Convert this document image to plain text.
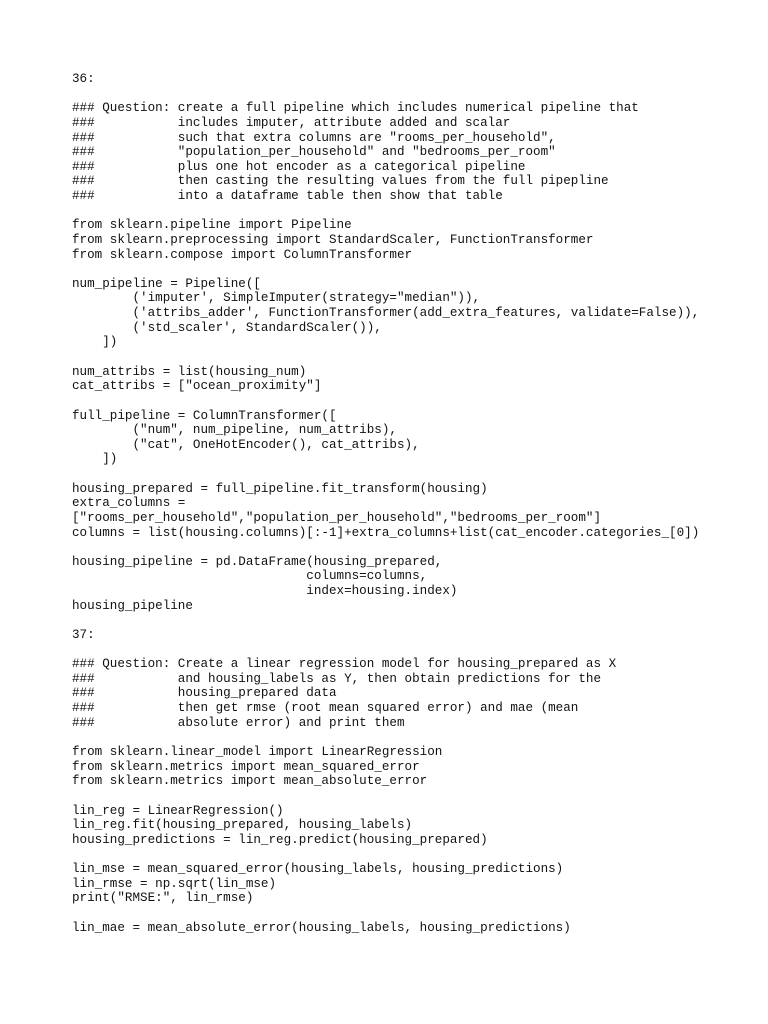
36:
### Question: create a full pipeline which includes numerical pipeline that
###           includes imputer, attribute added and scalar
###           such that extra columns are "rooms_per_household",
###           "population_per_household" and "bedrooms_per_room"
###           plus one hot encoder as a categorical pipeline
###           then casting the resulting values from the full pipepline
###           into a dataframe table then show that table
from sklearn.pipeline import Pipeline
from sklearn.preprocessing import StandardScaler, FunctionTransformer
from sklearn.compose import ColumnTransformer
num_pipeline = Pipeline([
('imputer', SimpleImputer(strategy="median")),
('attribs_adder', FunctionTransformer(add_extra_features, validate=False)),
('std_scaler', StandardScaler()),
])
num_attribs = list(housing_num)
cat_attribs = ["ocean_proximity"]
full_pipeline = ColumnTransformer([
("num", num_pipeline, num_attribs),
("cat", OneHotEncoder(), cat_attribs),
])
housing_prepared = full_pipeline.fit_transform(housing)
extra_columns =
["rooms_per_household","population_per_household","bedrooms_per_room"]
columns = list(housing.columns)[:-1]+extra_columns+list(cat_encoder.categories_[0])
housing_pipeline = pd.DataFrame(housing_prepared,
columns=columns,
index=housing.index)
housing_pipeline
37:
### Question: Create a linear regression model for housing_prepared as X
###           and housing_labels as Y, then obtain predictions for the
###           housing_prepared data
###           then get rmse (root mean squared error) and mae (mean
###           absolute error) and print them
from sklearn.linear_model import LinearRegression
from sklearn.metrics import mean_squared_error
from sklearn.metrics import mean_absolute_error
lin_reg = LinearRegression()
lin_reg.fit(housing_prepared, housing_labels)
housing_predictions = lin_reg.predict(housing_prepared)
lin_mse = mean_squared_error(housing_labels, housing_predictions)
lin_rmse = np.sqrt(lin_mse)
print("RMSE:", lin_rmse)
lin_mae = mean_absolute_error(housing_labels, housing_predictions)
